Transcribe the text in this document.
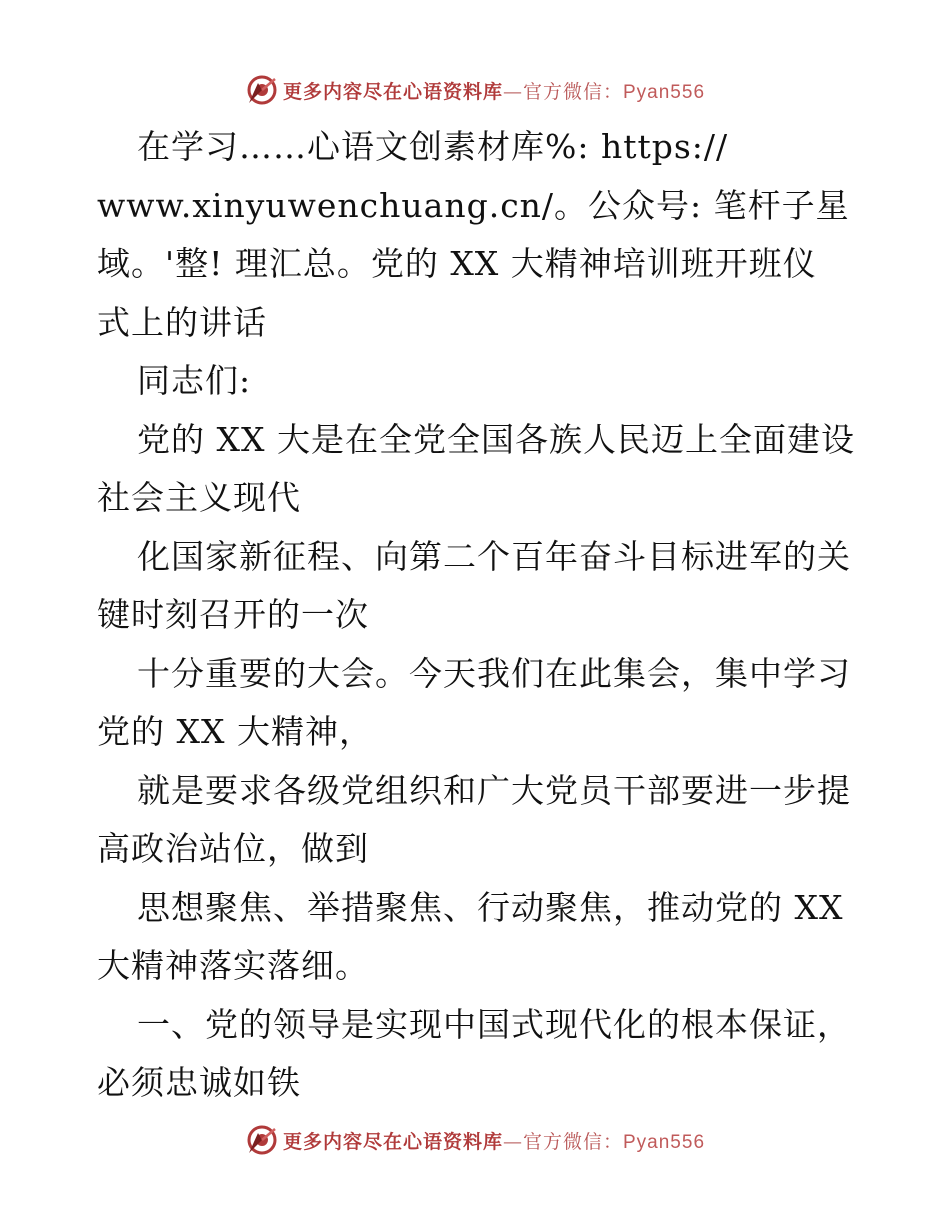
更多内容尽在心语资料库—官方微信：Pyan556
在学习……心语文创素材库%: https://
www.xinyuwenchuang.cn/。公众号: 笔杆子星
域。'整! 理汇总。党的 XX 大精神培训班开班仪
式上的讲话
同志们:
党的 XX 大是在全党全国各族人民迈上全面建设
社会主义现代
化国家新征程、向第二个百年奋斗目标进军的关
键时刻召开的一次
十分重要的大会。今天我们在此集会，集中学习
党的 XX 大精神，
就是要求各级党组织和广大党员干部要进一步提
高政治站位，做到
思想聚焦、举措聚焦、行动聚焦，推动党的 XX
大精神落实落细。
一、党的领导是实现中国式现代化的根本保证，
必须忠诚如铁
更多内容尽在心语资料库—官方微信：Pyan556
